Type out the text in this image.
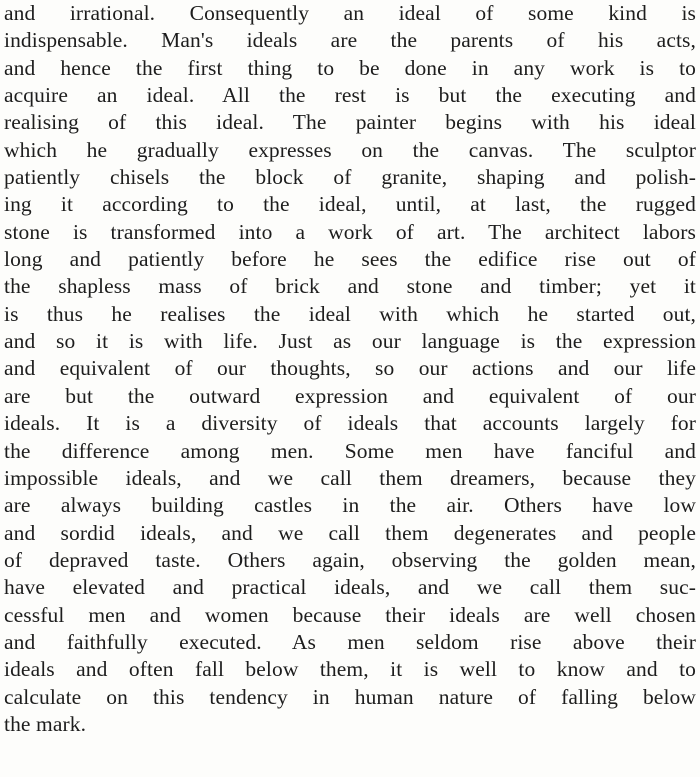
and irrational. Consequently an ideal of some kind is
indispensable. Man's ideals are the parents of his acts,
and hence the first thing to be done in any work is to
acquire an ideal. All the rest is but the executing and
realising of this ideal. The painter begins with his ideal
which he gradually expresses on the canvas. The sculptor
patiently chisels the block of granite, shaping and polish-
ing it according to the ideal, until, at last, the rugged
stone is transformed into a work of art. The architect labors
long and patiently before he sees the edifice rise out of
the shapless mass of brick and stone and timber; yet it
is thus he realises the ideal with which he started out,
and so it is with life. Just as our language is the expression
and equivalent of our thoughts, so our actions and our life
are but the outward expression and equivalent of our
ideals. It is a diversity of ideals that accounts largely for
the difference among men. Some men have fanciful and
impossible ideals, and we call them dreamers, because they
are always building castles in the air. Others have low
and sordid ideals, and we call them degenerates and people
of depraved taste. Others again, observing the golden mean,
have elevated and practical ideals, and we call them suc-
cessful men and women because their ideals are well chosen
and faithfully executed. As men seldom rise above their
ideals and often fall below them, it is well to know and to
calculate on this tendency in human nature of falling below
the mark.
